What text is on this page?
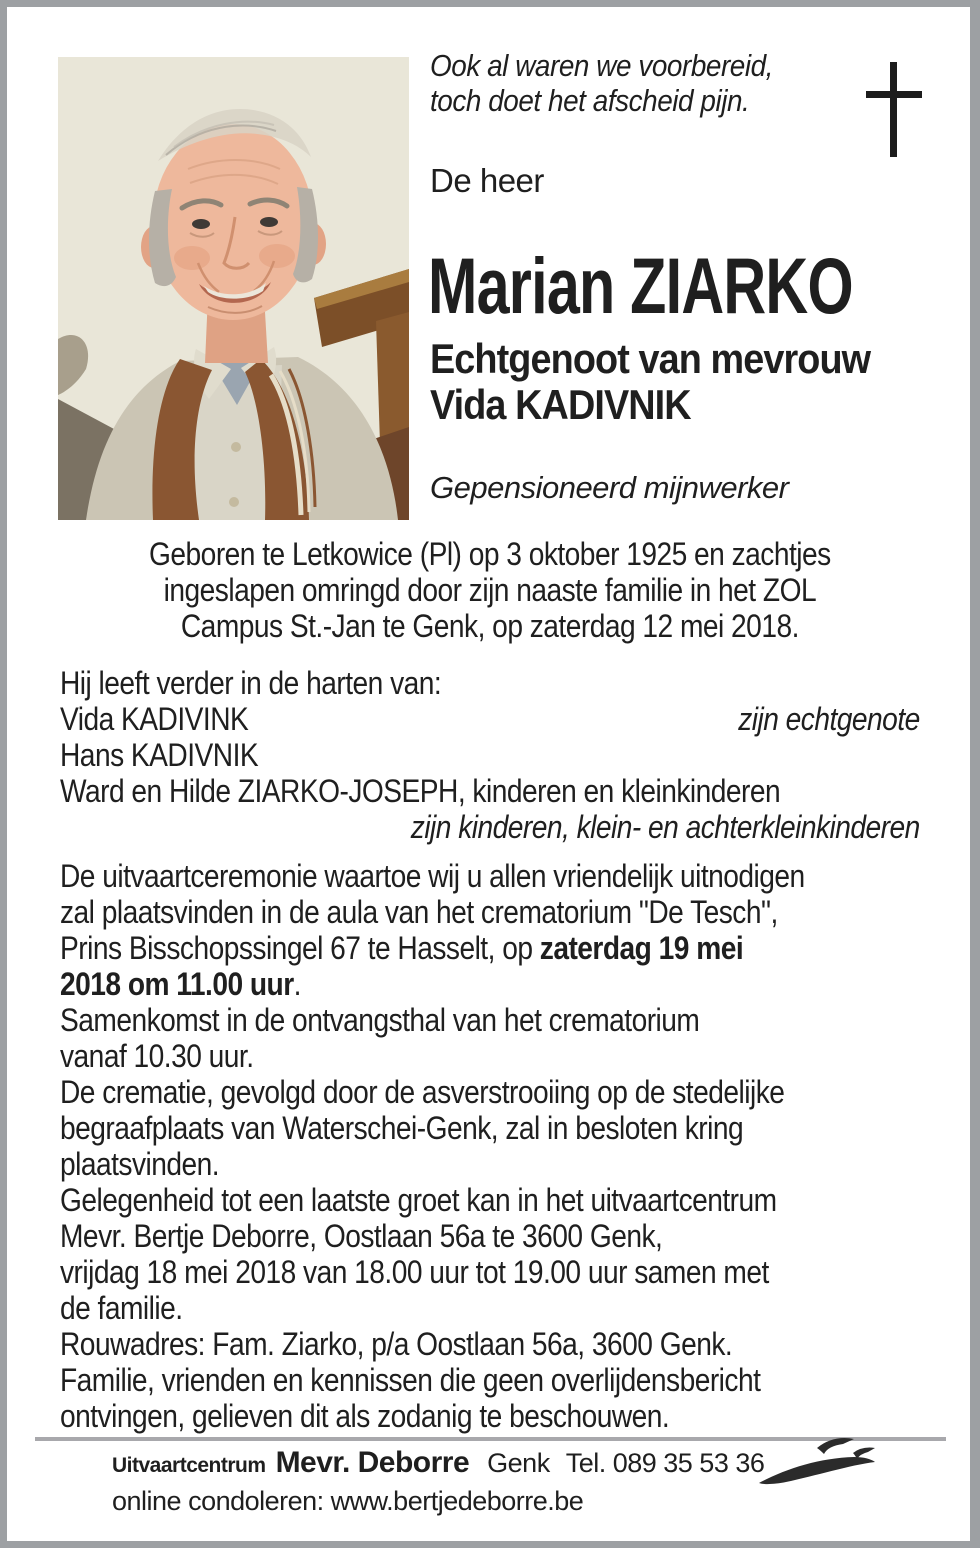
Ook al waren we voorbereid,
toch doet het afscheid pijn.
De heer
Marian ZIARKO
Echtgenoot van mevrouw
Vida KADIVNIK
Gepensioneerd mijnwerker
Geboren te Letkowice (Pl) op 3 oktober 1925 en zachtjes
ingeslapen omringd door zijn naaste familie in het ZOL
Campus St.-Jan te Genk, op zaterdag 12 mei 2018.
Hij leeft verder in de harten van:
Vida KADIVINK	zijn echtgenote
Hans KADIVNIK
Ward en Hilde ZIARKO-JOSEPH, kinderen en kleinkinderen
zijn kinderen, klein- en achterkleinkinderen
De uitvaartceremonie waartoe wij u allen vriendelijk uitnodigen
zal plaatsvinden in de aula van het crematorium "De Tesch",
Prins Bisschopssingel 67 te Hasselt, op zaterdag 19 mei
2018 om 11.00 uur.
Samenkomst in de ontvangsthal van het crematorium
vanaf 10.30 uur.
De crematie, gevolgd door de asverstrooiing op de stedelijke
begraafplaats van Waterschei-Genk, zal in besloten kring
plaatsvinden.
Gelegenheid tot een laatste groet kan in het uitvaartcentrum
Mevr. Bertje Deborre, Oostlaan 56a te 3600 Genk,
vrijdag 18 mei 2018 van 18.00 uur tot 19.00 uur samen met
de familie.
Rouwadres: Fam. Ziarko, p/a Oostlaan 56a, 3600 Genk.
Familie, vrienden en kennissen die geen overlijdensbericht
ontvingen, gelieven dit als zodanig te beschouwen.
Uitvaartcentrum Mevr. Deborre Genk Tel. 089 35 53 36
online condoleren: www.bertjedeborre.be
